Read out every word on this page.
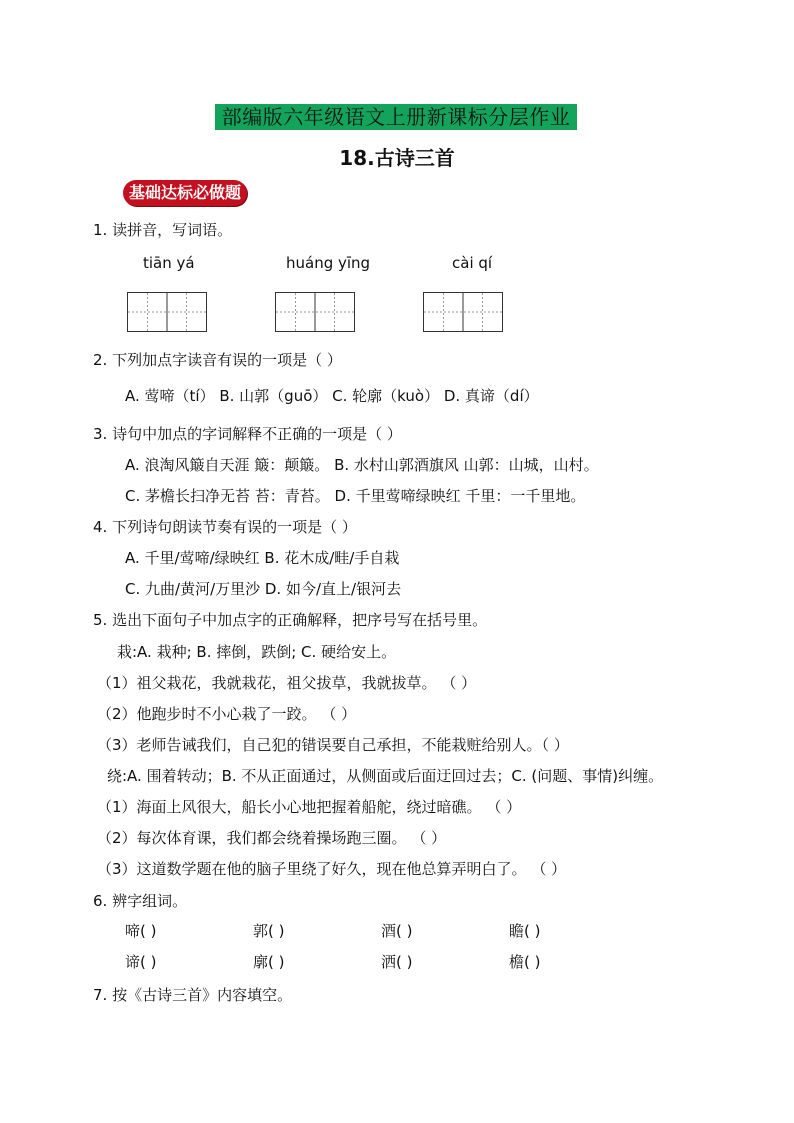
部编版六年级语文上册新课标分层作业
18.古诗三首
基础达标必做题
1. 读拼音，写词语。
tiān yá	huáng yīng	cài qí
2. 下列加点字读音有误的一项是（ ）
A. 莺啼（tí） B. 山郭（guō） C. 轮廓（kuò） D. 真谛（dí）
3. 诗句中加点的字词解释不正确的一项是（ ）
A. 浪淘风簸自天涯 簸：颠簸。 B. 水村山郭酒旗风 山郭：山城，山村。
C. 茅檐长扫净无苔 苔：青苔。 D. 千里莺啼绿映红 千里：一千里地。
4. 下列诗句朗读节奏有误的一项是（ ）
A. 千里/莺啼/绿映红 B. 花木成/畦/手自栽
C. 九曲/黄河/万里沙 D. 如今/直上/银河去
5. 选出下面句子中加点字的正确解释，把序号写在括号里。
栽:A. 栽种; B. 摔倒，跌倒; C. 硬给安上。
（1）祖父栽花，我就栽花，祖父拔草，我就拔草。 （ ）
（2）他跑步时不小心栽了一跤。 （ ）
（3）老师告诫我们，自己犯的错误要自己承担，不能栽赃给别人。（ ）
绕:A. 围着转动；B. 不从正面通过，从侧面或后面迂回过去；C. (问题、事情)纠缠。
（1）海面上风很大，船长小心地把握着船舵，绕过暗礁。 （ ）
（2）每次体育课，我们都会绕着操场跑三圈。 （ ）
（3）这道数学题在他的脑子里绕了好久，现在他总算弄明白了。 （ ）
6. 辨字组词。
啼( )	郭( )	酒( )	瞻( )
谛( )	廓( )	洒( )	檐( )
7. 按《古诗三首》内容填空。
